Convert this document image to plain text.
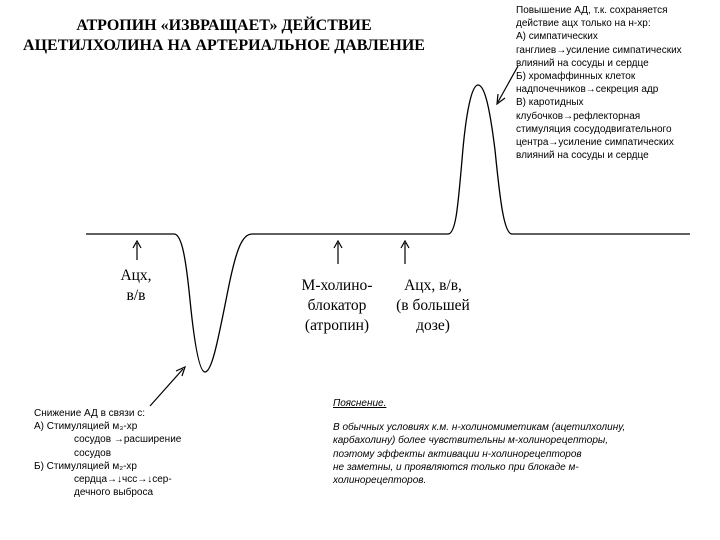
АТРОПИН «ИЗВРАЩАЕТ» ДЕЙСТВИЕ
АЦЕТИЛХОЛИНА НА АРТЕРИАЛЬНОЕ ДАВЛЕНИЕ
Ацх,
в/в
М-холино-
блокатор
(атропин)
Ацх, в/в,
(в большей
дозе)
Повышение АД, т.к. сохраняется
действие ацх только на н-хр:
А) симпатических
ганглиев→усиление симпатических
влияний на сосуды и сердце
Б) хромаффинных клеток
надпочечников→секреция адр
В) каротидных
клубочков→рефлекторная
стимуляция сосудодвигательного
центра→усиление симпатических
влияний на сосуды и сердце
Снижение АД в связи с:
А) Стимуляцией м₃-хр
сосудов →расширение
сосудов
Б) Стимуляцией м₂-хр
сердца→↓чсс→↓сер-
дечного выброса
Пояснение.
В обычных условиях к.м. н-холиномиметикам (ацетилхолину,
карбахолину) более чувствительны м-холинорецепторы,
поэтому эффекты активации н-холинорецепторов
не заметны, и проявляются только при блокаде м-
холинорецепторов.
